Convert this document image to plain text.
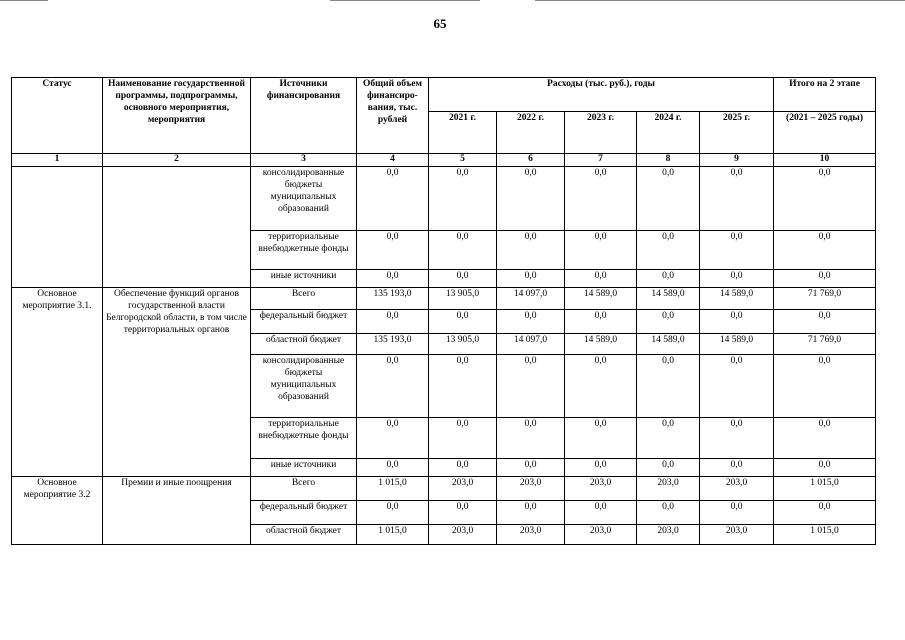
65
Статус	Наименование государственной программы, подпрограммы, основного мероприятия, мероприятия	Источники финансирования	Общий объем финансиро- вания, тыс. рублей	Расходы (тыс. руб.), годы					Итого на 2 этапе
				2021 г.	2022 г.	2023 г.	2024 г.	2025 г.	(2021 – 2025 годы)
1	2	3	4	5	6	7	8	9	10
		консолидированные бюджеты муниципальных образований	0,0	0,0	0,0	0,0	0,0	0,0	0,0
		территориальные внебюджетные фонды	0,0	0,0	0,0	0,0	0,0	0,0	0,0
		иные источники	0,0	0,0	0,0	0,0	0,0	0,0	0,0
Основное мероприятие 3.1.	Обеспечение функций органов государственной власти Белгородской области, в том числе территориальных органов	Всего	135 193,0	13 905,0	14 097,0	14 589,0	14 589,0	14 589,0	71 769,0
		федеральный бюджет	0,0	0,0	0,0	0,0	0,0	0,0	0,0
		областной бюджет	135 193,0	13 905,0	14 097,0	14 589,0	14 589,0	14 589,0	71 769,0
		консолидированные бюджеты муниципальных образований	0,0	0,0	0,0	0,0	0,0	0,0	0,0
		территориальные внебюджетные фонды	0,0	0,0	0,0	0,0	0,0	0,0	0,0
		иные источники	0,0	0,0	0,0	0,0	0,0	0,0	0,0
Основное мероприятие 3.2	Премии и иные поощрения	Всего	1 015,0	203,0	203,0	203,0	203,0	203,0	1 015,0
		федеральный бюджет	0,0	0,0	0,0	0,0	0,0	0,0	0,0
		областной бюджет	1 015,0	203,0	203,0	203,0	203,0	203,0	1 015,0
